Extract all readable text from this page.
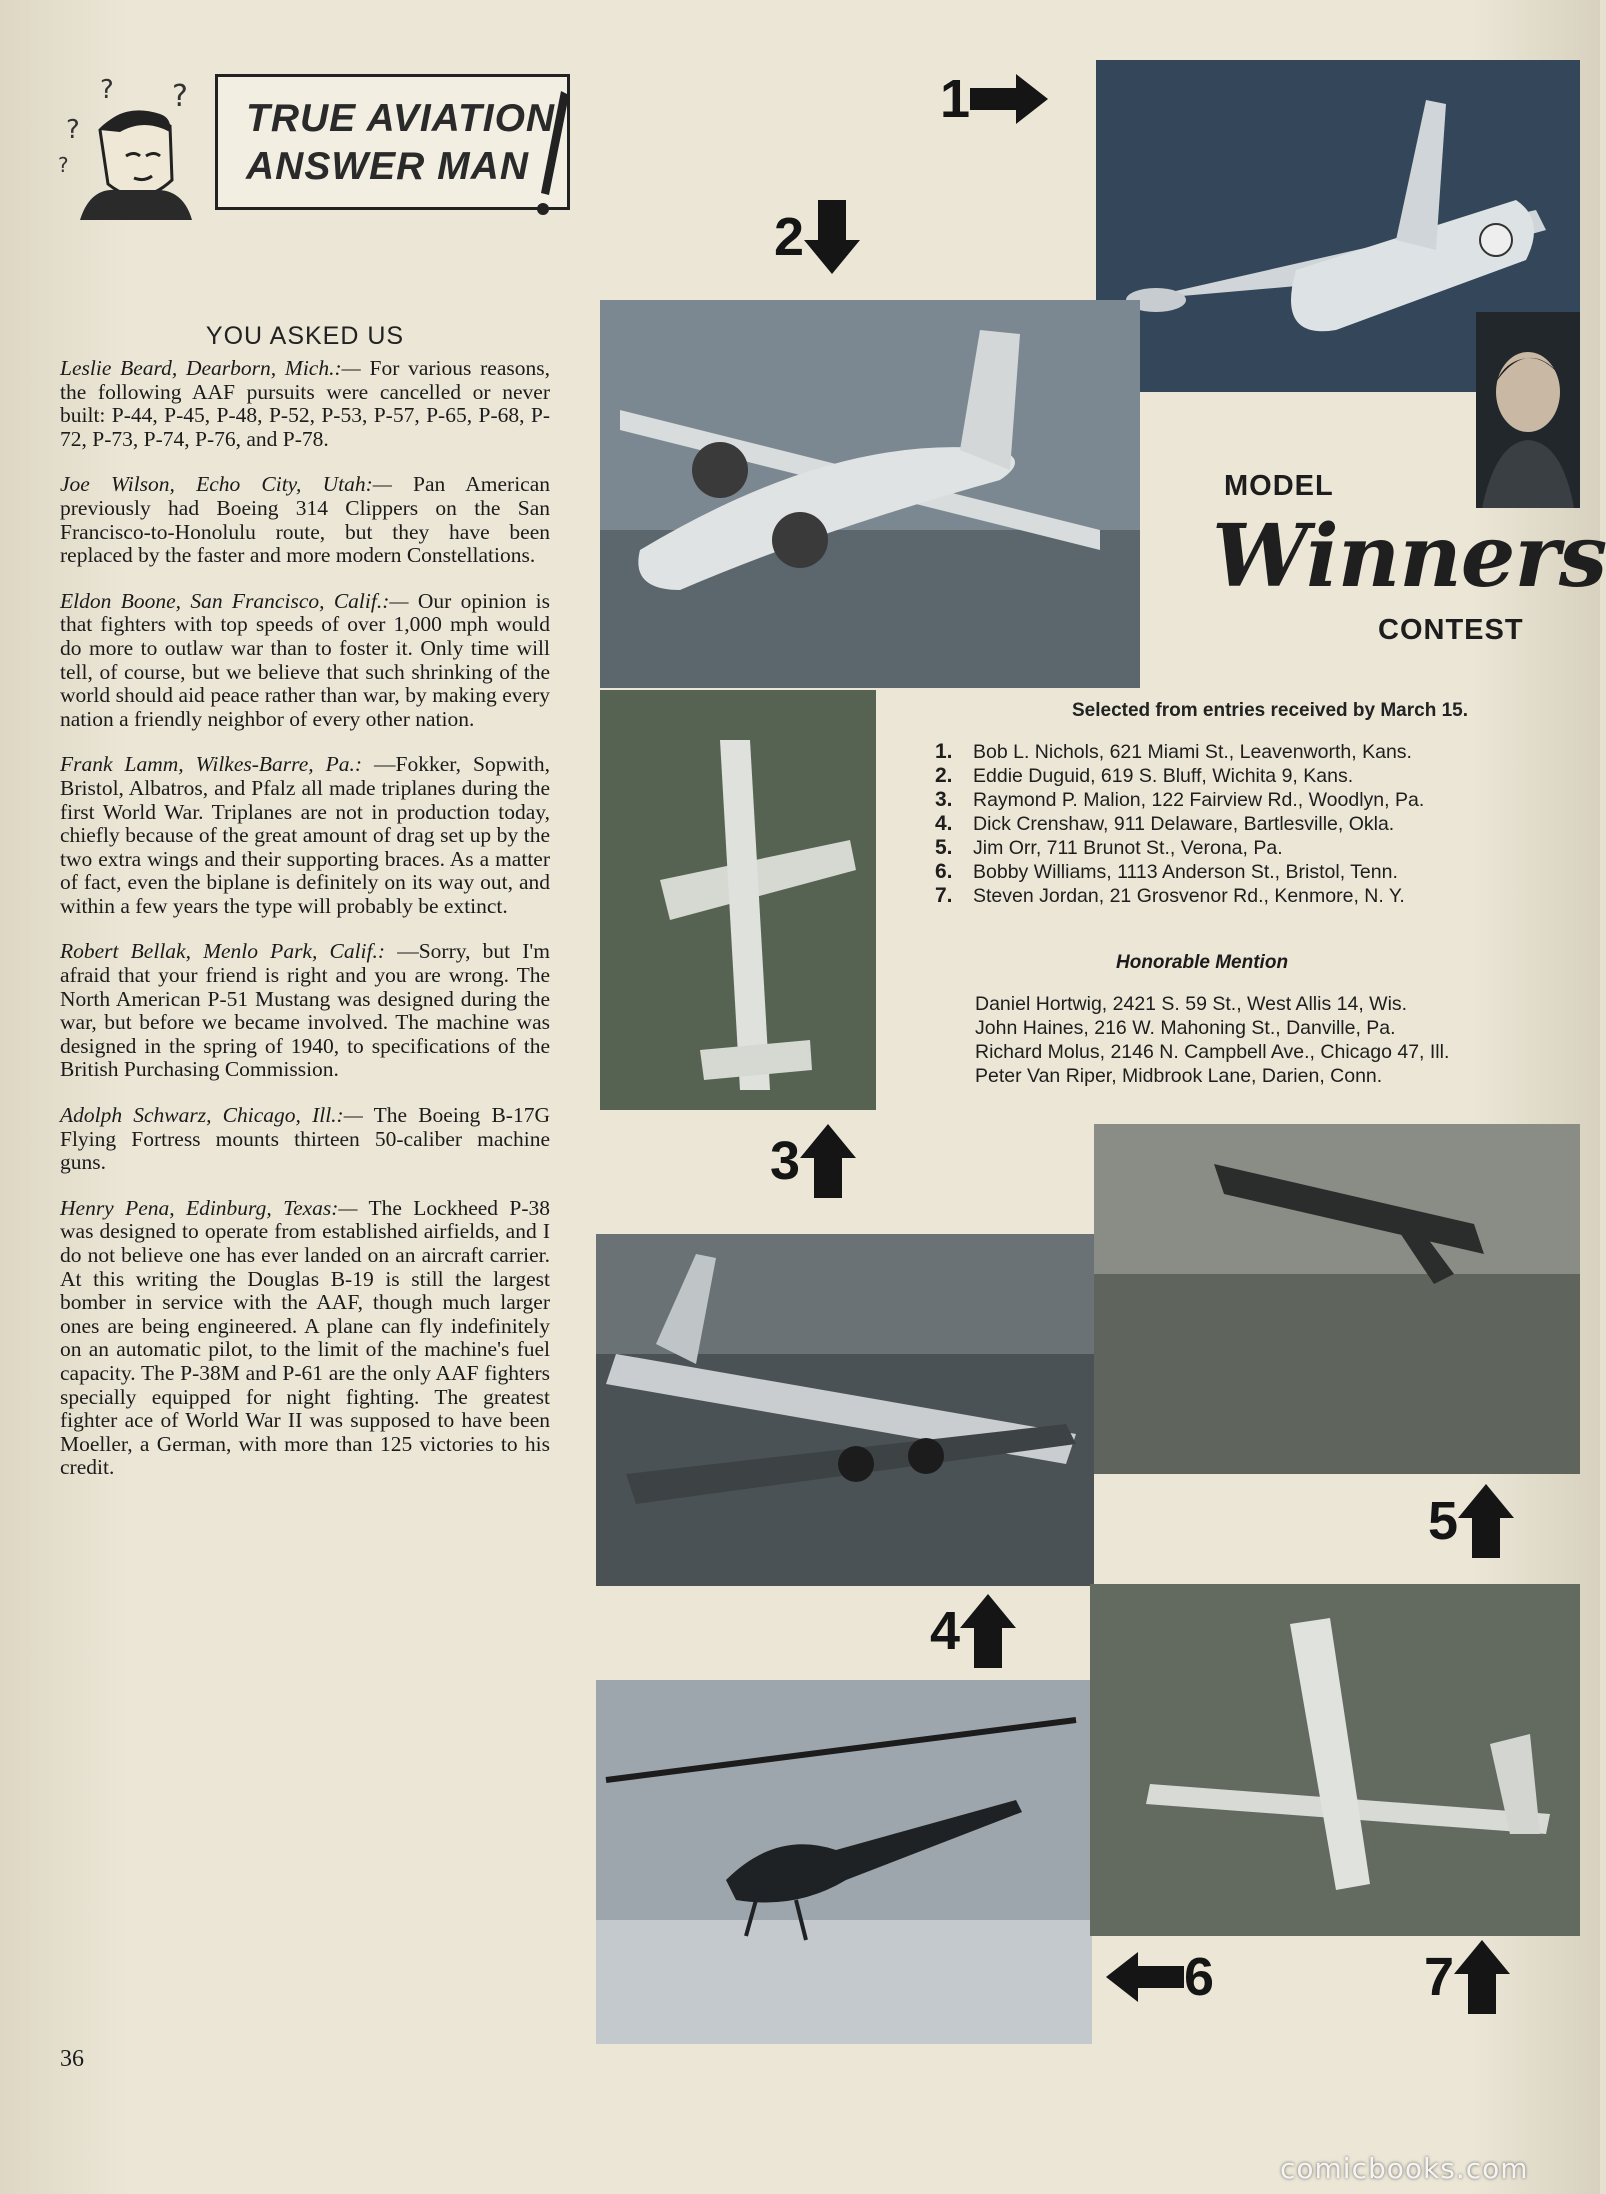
?
? ?
?
TRUE AVIATION
ANSWER MAN
YOU ASKED US

Leslie Beard, Dearborn, Mich.:— For various reasons, the following AAF pursuits were cancelled or never built: P-44, P-45, P-48, P-52, P-53, P-57, P-65, P-68, P-72, P-73, P-74, P-76, and P-78.

Joe Wilson, Echo City, Utah:— Pan American previously had Boeing 314 Clippers on the San Francisco-to-Honolulu route, but they have been replaced by the faster and more modern Constellations.

Eldon Boone, San Francisco, Calif.:— Our opinion is that fighters with top speeds of over 1,000 mph would do more to outlaw war than to foster it. Only time will tell, of course, but we believe that such shrinking of the world should aid peace rather than war, by making every nation a friendly neighbor of every other nation.

Frank Lamm, Wilkes-Barre, Pa.: —Fokker, Sopwith, Bristol, Albatros, and Pfalz all made triplanes during the first World War. Triplanes are not in production today, chiefly because of the great amount of drag set up by the two extra wings and their supporting braces. As a matter of fact, even the biplane is definitely on its way out, and within a few years the type will probably be extinct.

Robert Bellak, Menlo Park, Calif.: —Sorry, but I'm afraid that your friend is right and you are wrong. The North American P-51 Mustang was designed during the war, but before we became involved. The machine was designed in the spring of 1940, to specifications of the British Purchasing Commission.

Adolph Schwarz, Chicago, Ill.:— The Boeing B-17G Flying Fortress mounts thirteen 50-caliber machine guns.

Henry Pena, Edinburg, Texas:— The Lockheed P-38 was designed to operate from established airfields, and I do not believe one has ever landed on an aircraft carrier. At this writing the Douglas B-19 is still the largest bomber in service with the AAF, though much larger ones are being engineered. A plane can fly indefinitely on an automatic pilot, to the limit of the machine's fuel capacity. The P-38M and P-61 are the only AAF fighters specially equipped for night fighting. The greatest fighter ace of World War II was supposed to have been Moeller, a German, with more than 125 victories to his credit.

36
1
2
3
4
5
6	7
MODEL
Winners
CONTEST
Selected from entries received by March 15.
1. Bob L. Nichols, 621 Miami St., Leavenworth, Kans.
2. Eddie Duguid, 619 S. Bluff, Wichita 9, Kans.
3. Raymond P. Malion, 122 Fairview Rd., Woodlyn, Pa.
4. Dick Crenshaw, 911 Delaware, Bartlesville, Okla.
5. Jim Orr, 711 Brunot St., Verona, Pa.
6. Bobby Williams, 1113 Anderson St., Bristol, Tenn.
7. Steven Jordan, 21 Grosvenor Rd., Kenmore, N. Y.
Honorable Mention
Daniel Hortwig, 2421 S. 59 St., West Allis 14, Wis.
John Haines, 216 W. Mahoning St., Danville, Pa.
Richard Molus, 2146 N. Campbell Ave., Chicago 47, Ill.
Peter Van Riper, Midbrook Lane, Darien, Conn.
comicbooks.com
